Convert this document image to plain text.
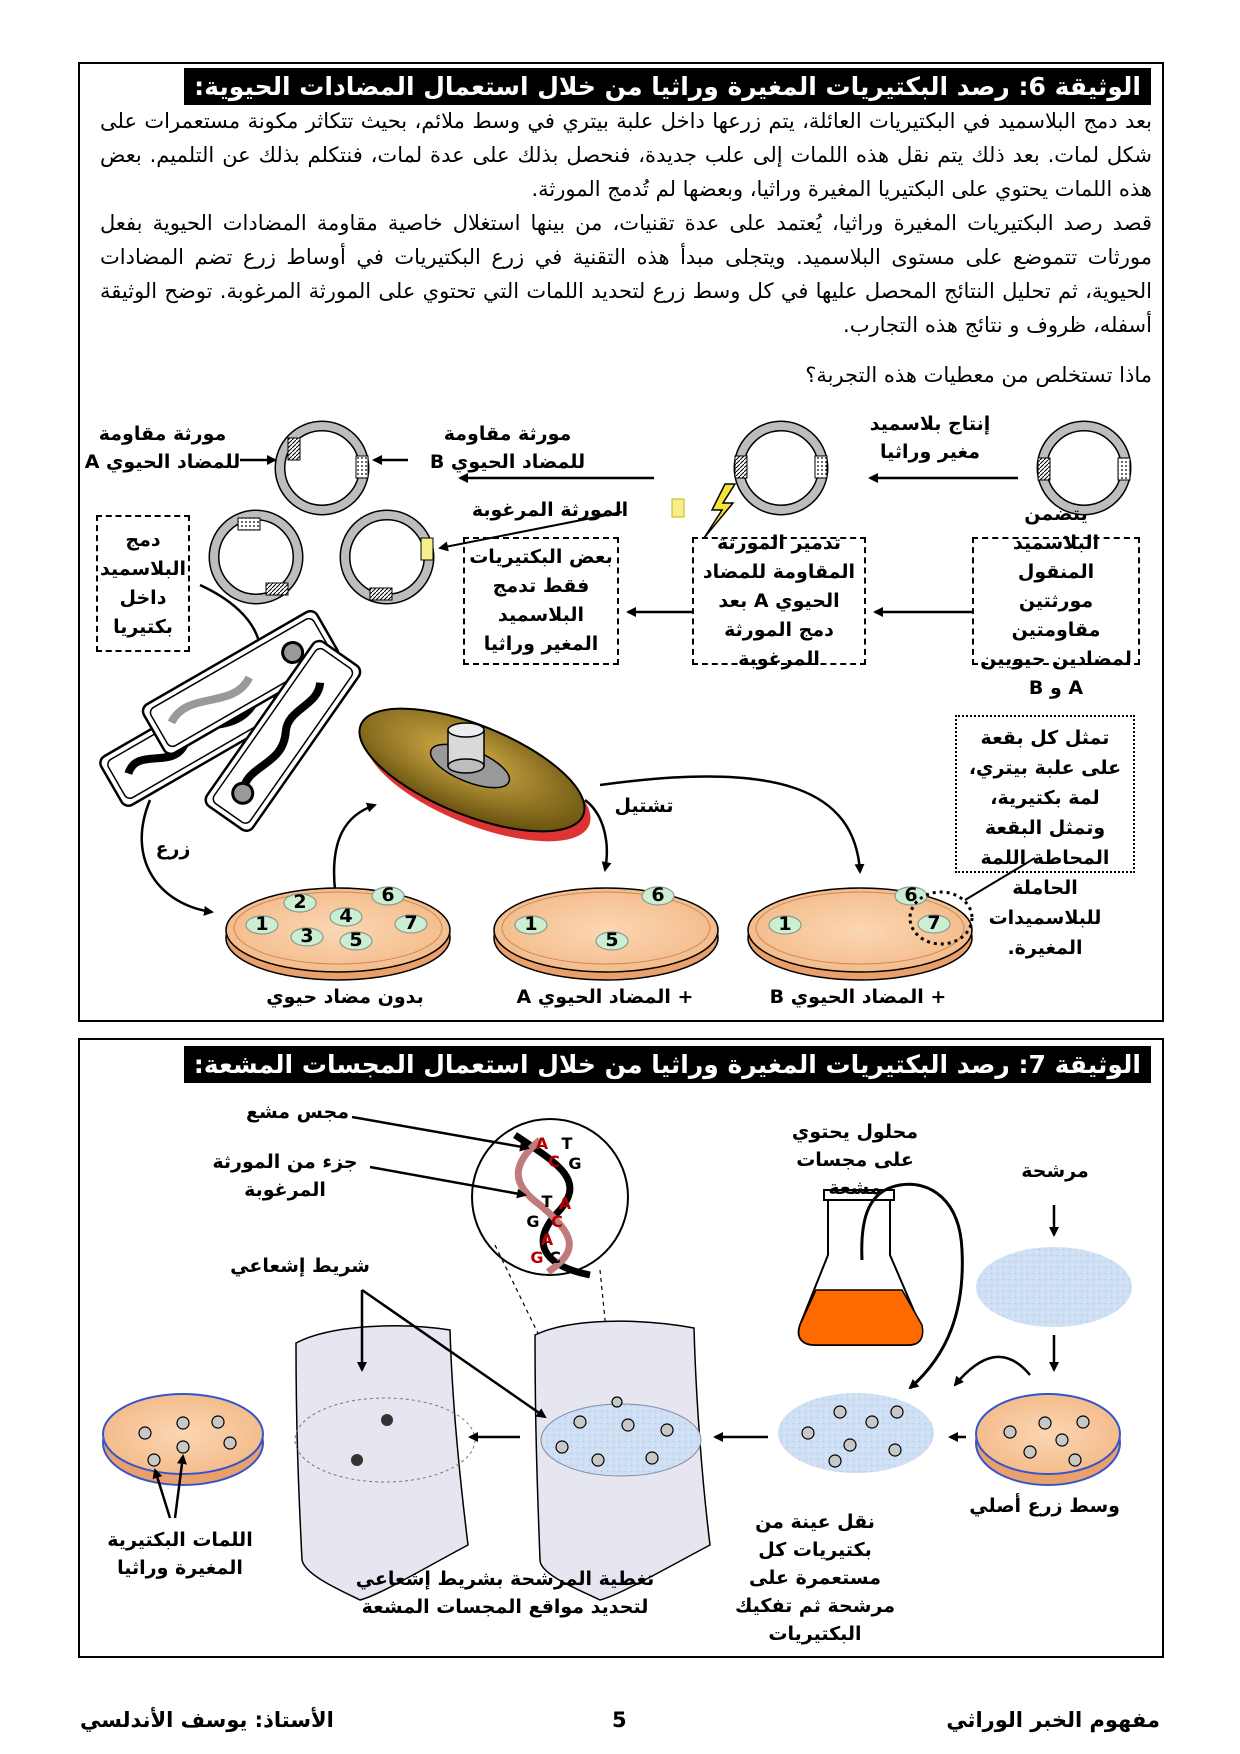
الوثيقة 6: رصد البكتيريات المغيرة وراثيا من خلال استعمال المضادات الحيوية:

بعد دمج البلاسميد في البكتيريات العائلة، يتم زرعها داخل علبة بيتري في وسط ملائم، بحيث تتكاثر مكونة مستعمرات على شكل لمات. بعد ذلك يتم نقل هذه اللمات إلى علب جديدة، فنحصل بذلك على عدة لمات، فنتكلم بذلك عن التلميم. بعض هذه اللمات يحتوي على البكتيريا المغيرة وراثيا، وبعضها لم تُدمج المورثة.

قصد رصد البكتيريات المغيرة وراثيا، يُعتمد على عدة تقنيات، من بينها استغلال خاصية مقاومة المضادات الحيوية بفعل مورثات تتموضع على مستوى البلاسميد. ويتجلى مبدأ هذه التقنية في زرع البكتيريات في أوساط زرع تضم المضادات الحيوية، ثم تحليل النتائج المحصل عليها في كل وسط زرع لتحديد اللمات التي تحتوي على المورثة المرغوبة. توضح الوثيقة أسفله، ظروف و نتائج هذه التجارب.

ماذا تستخلص من معطيات هذه التجربة؟

مورثة مقاومة للمضاد الحيوي A
مورثة مقاومة للمضاد الحيوي B
إنتاج بلاسميد مغير وراثيا
المورثة المرغوبة
دمج البلاسميد داخل بكتيريا
بعض البكتيريات فقط تدمج البلاسميد المغير وراثيا
تدمير المورثة المقاومة للمضاد الحيوي A بعد دمج المورثة المرغوبة
يتضمن البلاسميد المنقول مورثتين مقاومتين لمضادين حيويين A و B
زرع
تشتيل
تمثل كل بقعة على علبة بيتري، لمة بكتيرية، وتمثل البقعة المحاطة اللمة الحاملة للبلاسميدات المغيرة.
1
2
3
4
5
6
7	1
5
6
1
6
7
بدون مضاد حيوي	+ المضاد الحيوي A	+ المضاد الحيوي B
الوثيقة 7: رصد البكتيريات المغيرة وراثيا من خلال استعمال المجسات المشعة:
مجس مشع
جزء من المورثة المرغوبة
شريط إشعاعي
محلول يحتوي على مجسات مشعة
مرشحة
وسط زرع أصلي
نقل عينة من بكتيريات كل مستعمرة على مرشحة ثم تفكيك البكتيريات
تغطية المرشحة بشريط إشعاعي لتحديد مواقع المجسات المشعة
اللمات البكتيرية المغيرة وراثيا
A T
C G
T A
G C
A
G C
مفهوم الخبر الوراثي
5
الأستاذ: يوسف الأندلسي
